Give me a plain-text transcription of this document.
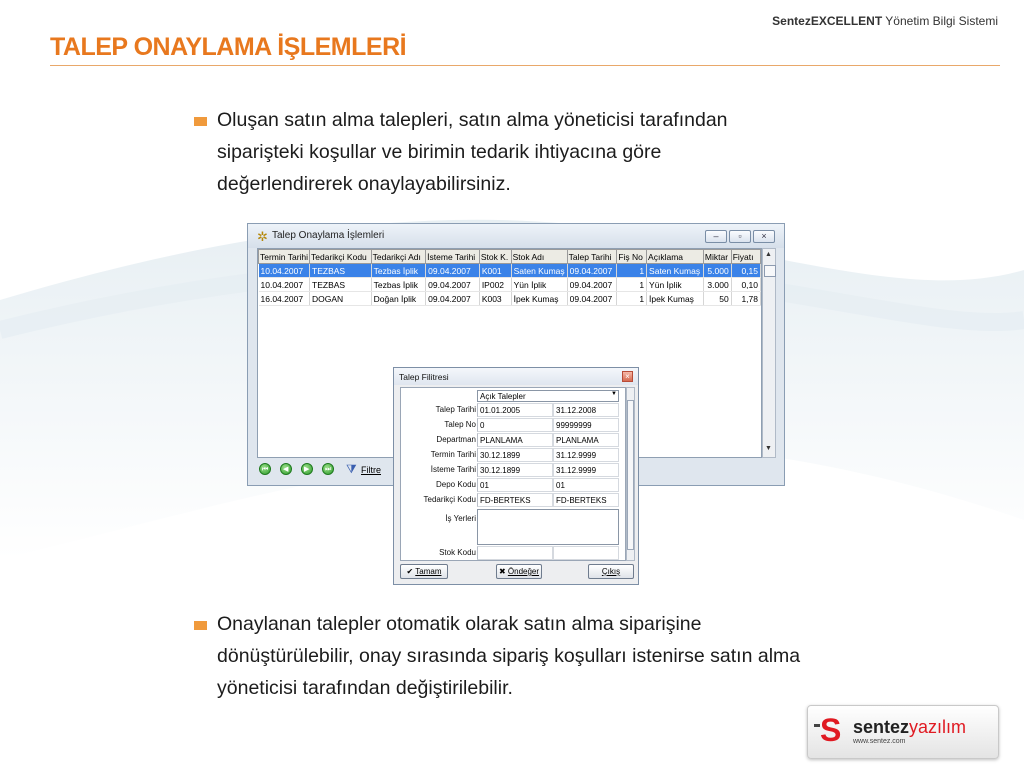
SentezEXCELLENT Yönetim Bilgi Sistemi
TALEP ONAYLAMA İŞLEMLERİ
Oluşan satın alma talepleri, satın alma yöneticisi tarafından siparişteki koşullar ve birimin tedarik ihtiyacına göre değerlendirerek onaylayabilirsiniz.
✲ Talep Onaylama İşlemleri	–	▫	×
Termin Tarihi	Tedarikçi Kodu	Tedarikçi Adı	İsteme Tarihi	Stok K.	Stok Adı	Talep Tarihi	Fiş No	Açıklama	Miktar	Fiyatı
10.04.2007	TEZBAS	Tezbas İplik	09.04.2007	K001	Saten Kumaş	09.04.2007	1	Saten Kumaş	5.000	0,15
10.04.2007	TEZBAS	Tezbas İplik	09.04.2007	IP002	Yün İplik	09.04.2007	1	Yün İplik	3.000	0,10
16.04.2007	DOGAN	Doğan İplik	09.04.2007	K003	İpek Kumaş	09.04.2007	1	İpek Kumaş	50	1,78
▲
▼
⏮ ◀ ▶ ⏭ ⧩ Filtre
Talep Filitresi	×
Açık Talepler	▼
Talep Tarihi 01.01.2005	31.12.2008
Talep No 0	99999999
Departman PLANLAMA	PLANLAMA
Termin Tarihi 30.12.1899	31.12.9999
İsteme Tarihi 30.12.1899	31.12.9999
Depo Kodu 01	01
Tedarikçi Kodu FD-BERTEKS	FD-BERTEKS
İş Yerleri
Stok Kodu
✔ Tamam	✖ Öndeğer	Çıkış
Onaylanan talepler otomatik olarak satın alma siparişine dönüştürülebilir, onay sırasında sipariş koşulları istenirse satın alma yöneticisi tarafından değiştirilebilir.
S sentezyazılım
www.sentez.com
